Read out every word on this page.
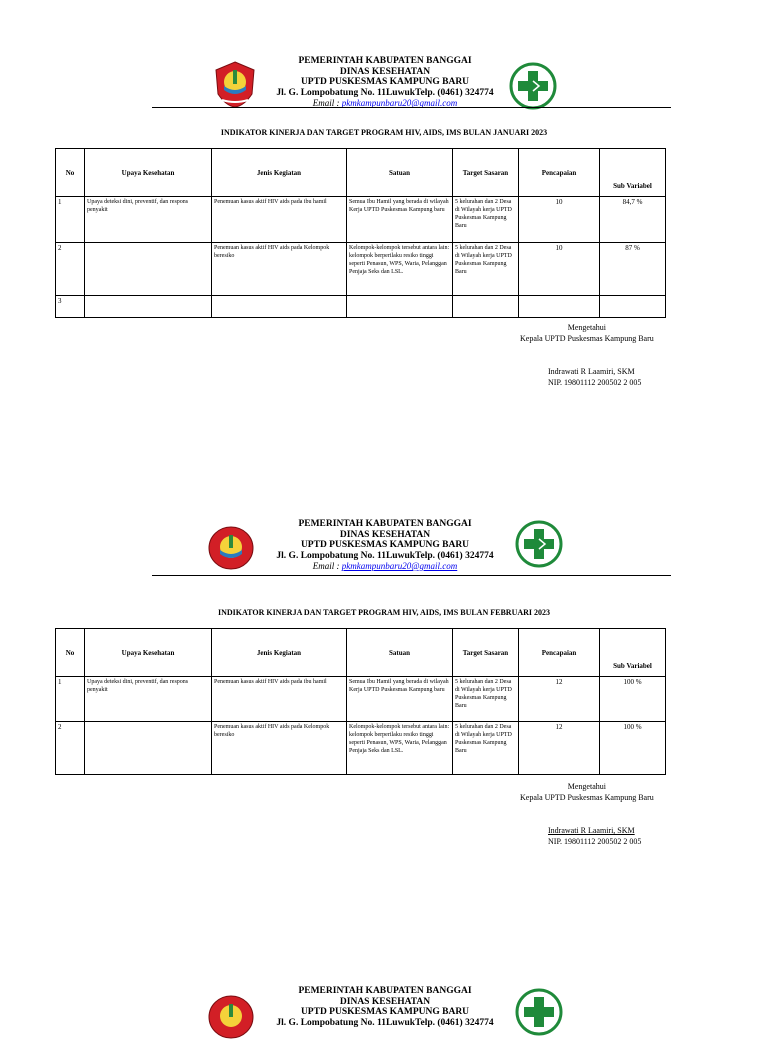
PEMERINTAH KABUPATEN BANGGAI
DINAS KESEHATAN
UPTD PUSKESMAS KAMPUNG BARU
Jl. G. Lompobatung No. 11LuwukTelp. (0461) 324774
Email : pkmkampunbaru20@gmail.com
INDIKATOR KINERJA DAN TARGET PROGRAM HIV, AIDS, IMS BULAN JANUARI 2023
No	Upaya Kesehatan	Jenis Kegiatan	Satuan	Target Sasaran	Pencapaian	Sub Variabel
1	Upaya deteksi dini, preventif, dan respons penyakit	Penemuan kasus aktif HIV aids pada ibu hamil	Semua Ibu Hamil yang berada di wilayah Kerja UPTD Puskesmas Kampung baru	5 kelurahan dan 2 Desa di Wilayah kerja UPTD Puskesmas Kampung Baru	10	84,7 %
2		Penemuan kasus aktif HIV aids pada Kelompok beresiko	Kelompok-kelompok tersebut antara lain: kelompok berperilaku resiko tinggi seperti Penasun, WPS, Waria, Pelanggan Penjaja Seks dan LSL.	5 kelurahan dan 2 Desa di Wilayah kerja UPTD Puskesmas Kampung Baru	10	87 %
3						
Mengetahui
Kepala UPTD Puskesmas Kampung Baru
Indrawati R Laamiri, SKM
NIP. 19801112 200502 2 005
PEMERINTAH KABUPATEN BANGGAI
DINAS KESEHATAN
UPTD PUSKESMAS KAMPUNG BARU
Jl. G. Lompobatung No. 11LuwukTelp. (0461) 324774
Email : pkmkampunbaru20@gmail.com
INDIKATOR KINERJA DAN TARGET PROGRAM HIV, AIDS, IMS BULAN FEBRUARI 2023
No	Upaya Kesehatan	Jenis Kegiatan	Satuan	Target Sasaran	Pencapaian	Sub Variabel
1	Upaya deteksi dini, preventif, dan respons penyakit	Penemuan kasus aktif HIV aids pada ibu hamil	Semua Ibu Hamil yang berada di wilayah Kerja UPTD Puskesmas Kampung baru	5 kelurahan dan 2 Desa di Wilayah kerja UPTD Puskesmas Kampung Baru	12	100 %
2		Penemuan kasus aktif HIV aids pada Kelompok beresiko	Kelompok-kelompok tersebut antara lain: kelompok berperilaku resiko tinggi seperti Penasun, WPS, Waria, Pelanggan Penjaja Seks dan LSL.	5 kelurahan dan 2 Desa di Wilayah kerja UPTD Puskesmas Kampung Baru	12	100 %
Mengetahui
Kepala UPTD Puskesmas Kampung Baru
Indrawati R Laamiri, SKM
NIP. 19801112 200502 2 005
PEMERINTAH KABUPATEN BANGGAI
DINAS KESEHATAN
UPTD PUSKESMAS KAMPUNG BARU
Jl. G. Lompobatung No. 11LuwukTelp. (0461) 324774
